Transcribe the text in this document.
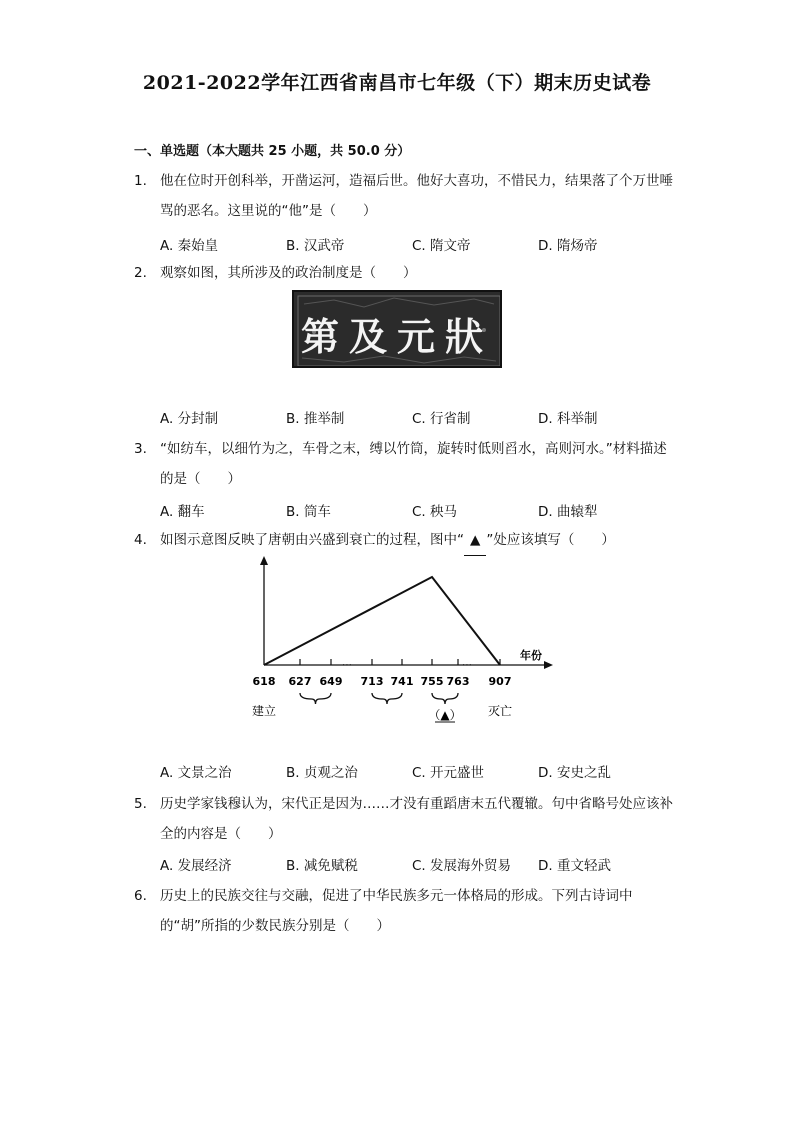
2021-2022学年江西省南昌市七年级（下）期末历史试卷
一、单选题（本大题共 25 小题，共 50.0 分）
1. 他在位时开创科举，开凿运河，造福后世。他好大喜功，不惜民力，结果落了个万世唾骂的恶名。这里说的“他”是（　　）
A. 秦始皇	B. 汉武帝	C. 隋文帝	D. 隋炀帝
2. 观察如图，其所涉及的政治制度是（　　）
第及元狀
A. 分封制	B. 推举制	C. 行省制	D. 科举制
3. “如纺车，以细竹为之，车骨之末，缚以竹筒，旋转时低则舀水，高则河水。”材料描述的是（　　）
A. 翻车	B. 筒车	C. 秧马	D. 曲辕犁
4. 如图示意图反映了唐朝由兴盛到衰亡的过程，图中“ ▲ ”处应该填写（　　）
618 627 649 713 741 755 763 907
⋯	⋯
年份
建立	灭亡
（▲）
A. 文景之治	B. 贞观之治	C. 开元盛世	D. 安史之乱
5. 历史学家钱穆认为，宋代正是因为……才没有重蹈唐末五代覆辙。句中省略号处应该补全的内容是（　　）
A. 发展经济	B. 减免赋税	C. 发展海外贸易 D. 重文轻武
6. 历史上的民族交往与交融，促进了中华民族多元一体格局的形成。下列古诗词中的“胡”所指的少数民族分别是（　　）
